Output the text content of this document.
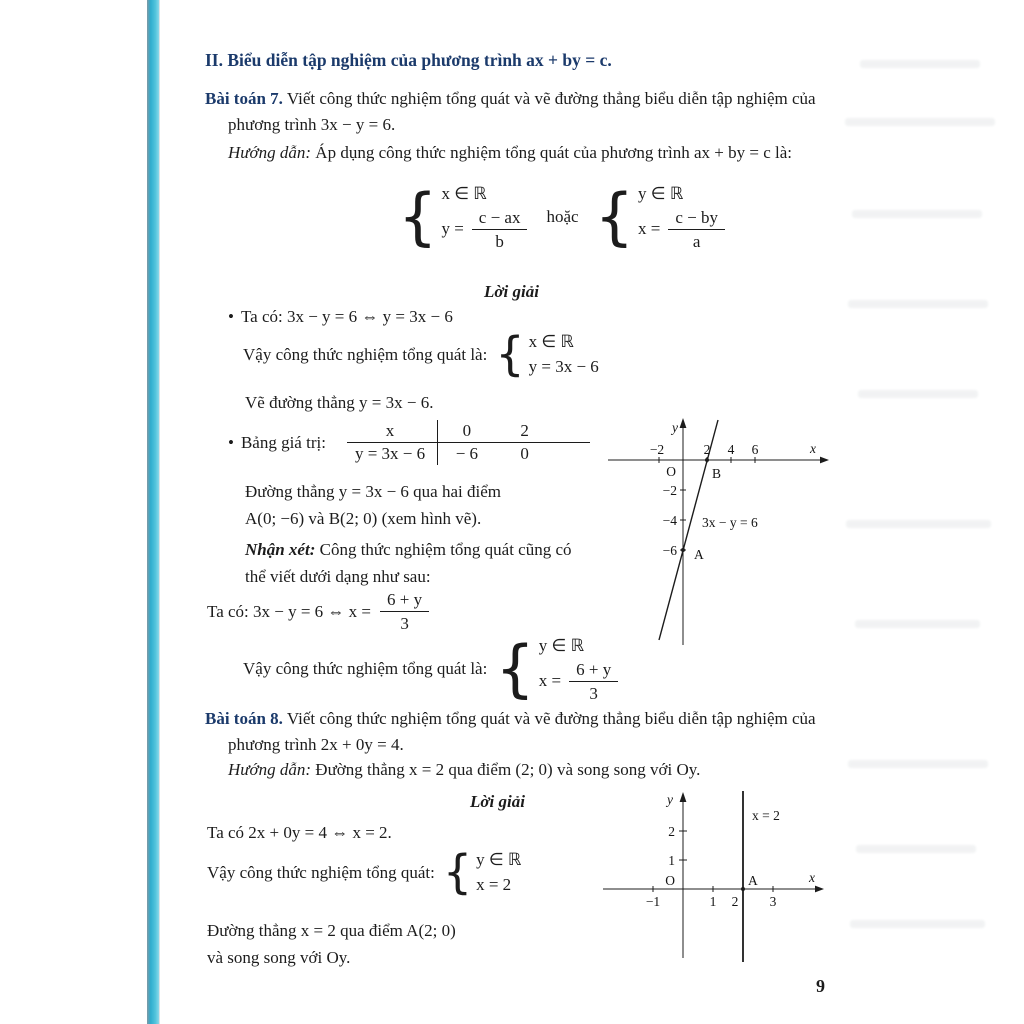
II. Biểu diễn tập nghiệm của phương trình ax + by = c.

Bài toán 7. Viết công thức nghiệm tổng quát và vẽ đường thẳng biểu diễn tập nghiệm của phương trình 3x − y = 6.

Hướng dẫn: Áp dụng công thức nghiệm tổng quát của phương trình ax + by = c là:

{ x ∈ ℝ
$y = \frac{c - ax}{b}$ hoặc { y ∈ ℝ
$x = \frac{c - by}{a}$
Lời giải
• Ta có: 3x − y = 6 ⇔ y = 3x − 6
Vậy công thức nghiệm tổng quát là: { x ∈ ℝ
y = 3x − 6
Vẽ đường thẳng y = 3x − 6.
• Bảng giá trị:
x	0	2	
y = 3x − 6	− 6	0	
Đường thẳng y = 3x − 6 qua hai điểm
A(0; −6) và B(2; 0) (xem hình vẽ).

Nhận xét: Công thức nghiệm tổng quát cũng có thể viết dưới dạng như sau:

Ta có: 3x − y = 6 ⇔ $x = \frac{6 + y}{3}$
Vậy công thức nghiệm tổng quát là: { y ∈ ℝ
$x = \frac{6 + y}{3}$
−2	2 4 6	x
y
−2
−4
−6
O	B
A
3x − y = 6

Bài toán 8. Viết công thức nghiệm tổng quát và vẽ đường thẳng biểu diễn tập nghiệm của phương trình 2x + 0y = 4.

Hướng dẫn: Đường thẳng x = 2 qua điểm (2; 0) và song song với Oy.

Lời giải
Ta có 2x + 0y = 4 ⇔ x = 2.
Vậy công thức nghiệm tổng quát: { y ∈ ℝ
x = 2
Đường thẳng x = 2 qua điểm A(2; 0)
và song song với Oy.
−1	1 2 3
1
2
O	A
x = 2
x
y
9
